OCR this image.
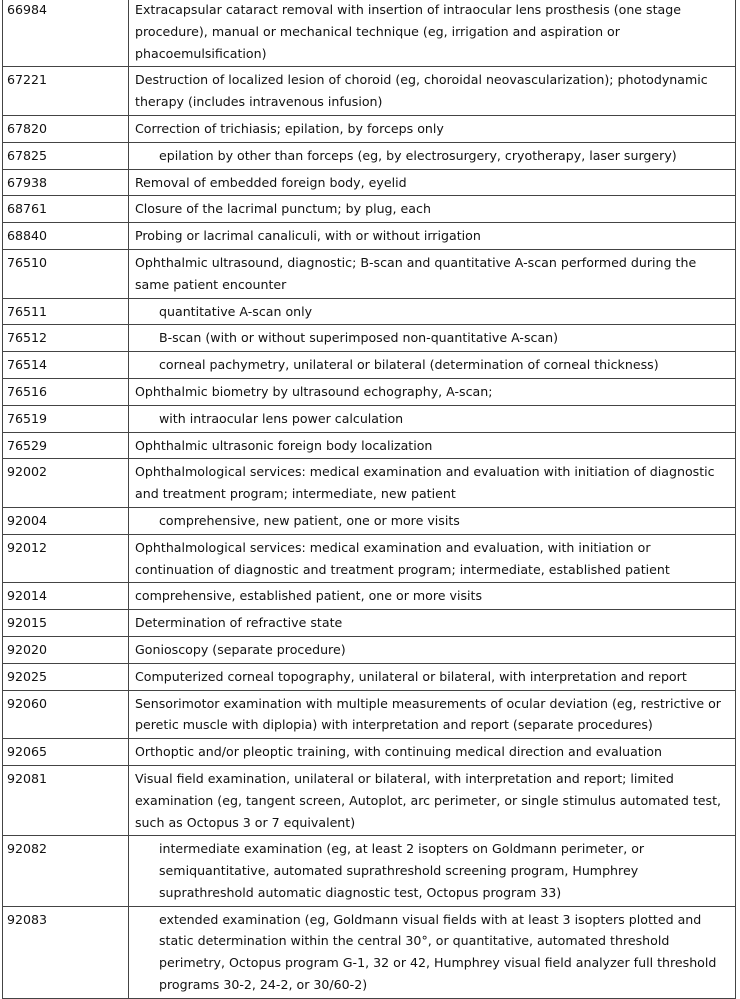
66984	Extracapsular cataract removal with insertion of intraocular lens prosthesis (one stage procedure), manual or mechanical technique (eg, irrigation and aspiration or phacoemulsification)
67221	Destruction of localized lesion of choroid (eg, choroidal neovascularization); photodynamic therapy (includes intravenous infusion)
67820	Correction of trichiasis; epilation, by forceps only
67825	epilation by other than forceps (eg, by electrosurgery, cryotherapy, laser surgery)
67938	Removal of embedded foreign body, eyelid
68761	Closure of the lacrimal punctum; by plug, each
68840	Probing or lacrimal canaliculi, with or without irrigation
76510	Ophthalmic ultrasound, diagnostic; B-scan and quantitative A-scan performed during the same patient encounter
76511	quantitative A-scan only
76512	B-scan (with or without superimposed non-quantitative A-scan)
76514	corneal pachymetry, unilateral or bilateral (determination of corneal thickness)
76516	Ophthalmic biometry by ultrasound echography, A-scan;
76519	with intraocular lens power calculation
76529	Ophthalmic ultrasonic foreign body localization
92002	Ophthalmological services: medical examination and evaluation with initiation of diagnostic and treatment program; intermediate, new patient
92004	comprehensive, new patient, one or more visits
92012	Ophthalmological services: medical examination and evaluation, with initiation or continuation of diagnostic and treatment program; intermediate, established patient
92014	comprehensive, established patient, one or more visits
92015	Determination of refractive state
92020	Gonioscopy (separate procedure)
92025	Computerized corneal topography, unilateral or bilateral, with interpretation and report
92060	Sensorimotor examination with multiple measurements of ocular deviation (eg, restrictive or peretic muscle with diplopia) with interpretation and report (separate procedures)
92065	Orthoptic and/or pleoptic training, with continuing medical direction and evaluation
92081	Visual field examination, unilateral or bilateral, with interpretation and report; limited examination (eg, tangent screen, Autoplot, arc perimeter, or single stimulus automated test, such as Octopus 3 or 7 equivalent)
92082	intermediate examination (eg, at least 2 isopters on Goldmann perimeter, or semiquantitative, automated suprathreshold screening program, Humphrey suprathreshold automatic diagnostic test, Octopus program 33)
92083	extended examination (eg, Goldmann visual fields with at least 3 isopters plotted and static determination within the central 30°, or quantitative, automated threshold perimetry, Octopus program G-1, 32 or 42, Humphrey visual field analyzer full threshold programs 30-2, 24-2, or 30/60-2)
